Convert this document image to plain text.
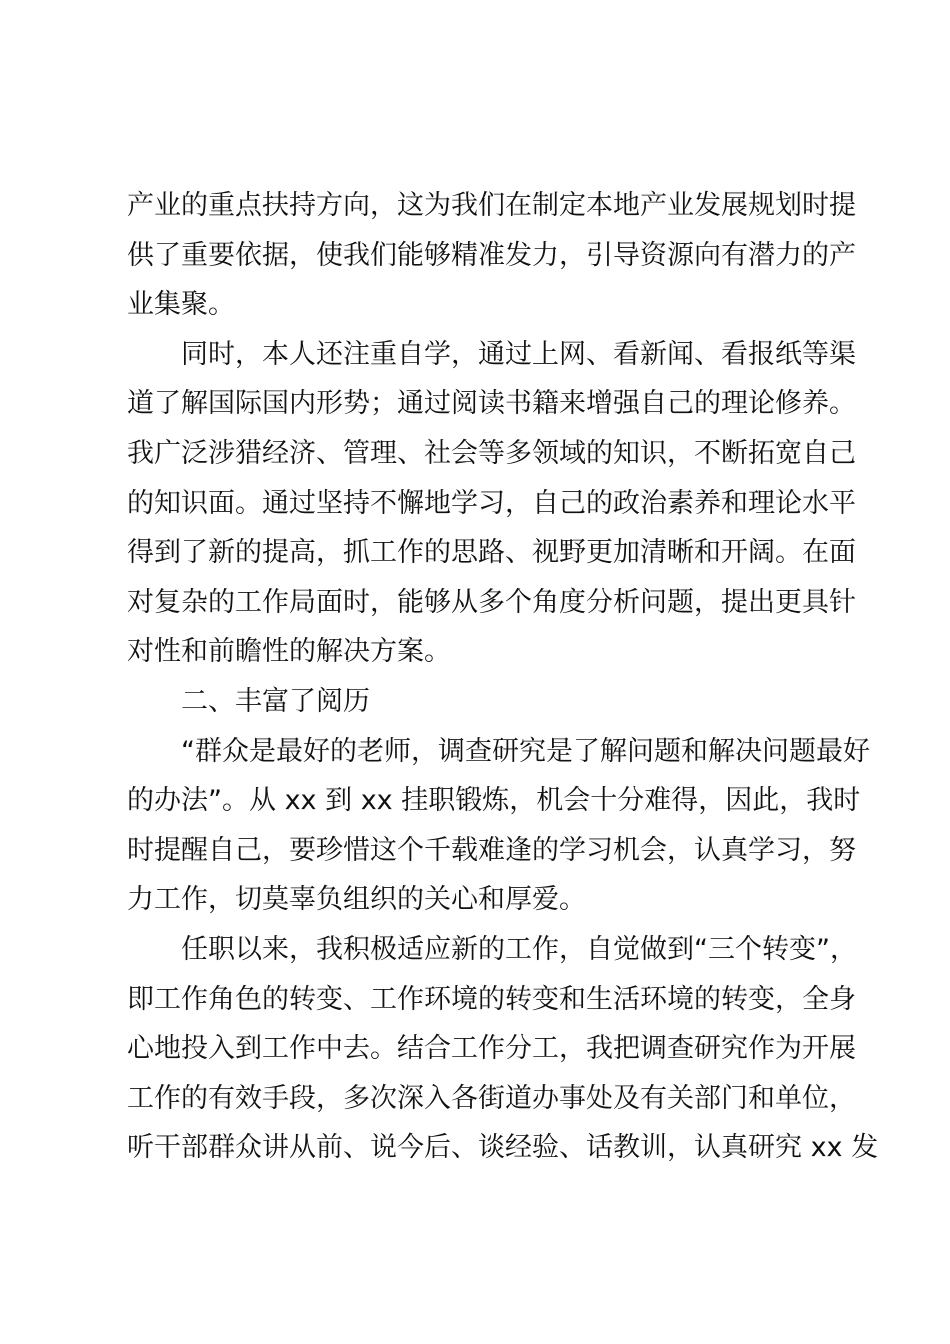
产业的重点扶持方向，这为我们在制定本地产业发展规划时提
供了重要依据，使我们能够精准发力，引导资源向有潜力的产
业集聚。
同时，本人还注重自学，通过上网、看新闻、看报纸等渠
道了解国际国内形势；通过阅读书籍来增强自己的理论修养。
我广泛涉猎经济、管理、社会等多领域的知识，不断拓宽自己
的知识面。通过坚持不懈地学习，自己的政治素养和理论水平
得到了新的提高，抓工作的思路、视野更加清晰和开阔。在面
对复杂的工作局面时，能够从多个角度分析问题，提出更具针
对性和前瞻性的解决方案。
二、丰富了阅历
“群众是最好的老师，调查研究是了解问题和解决问题最好
的办法”。从 xx 到 xx 挂职锻炼，机会十分难得，因此，我时
时提醒自己，要珍惜这个千载难逢的学习机会，认真学习，努
力工作，切莫辜负组织的关心和厚爱。
任职以来，我积极适应新的工作，自觉做到“三个转变”，
即工作角色的转变、工作环境的转变和生活环境的转变，全身
心地投入到工作中去。结合工作分工，我把调查研究作为开展
工作的有效手段，多次深入各街道办事处及有关部门和单位，
听干部群众讲从前、说今后、谈经验、话教训，认真研究 xx 发
